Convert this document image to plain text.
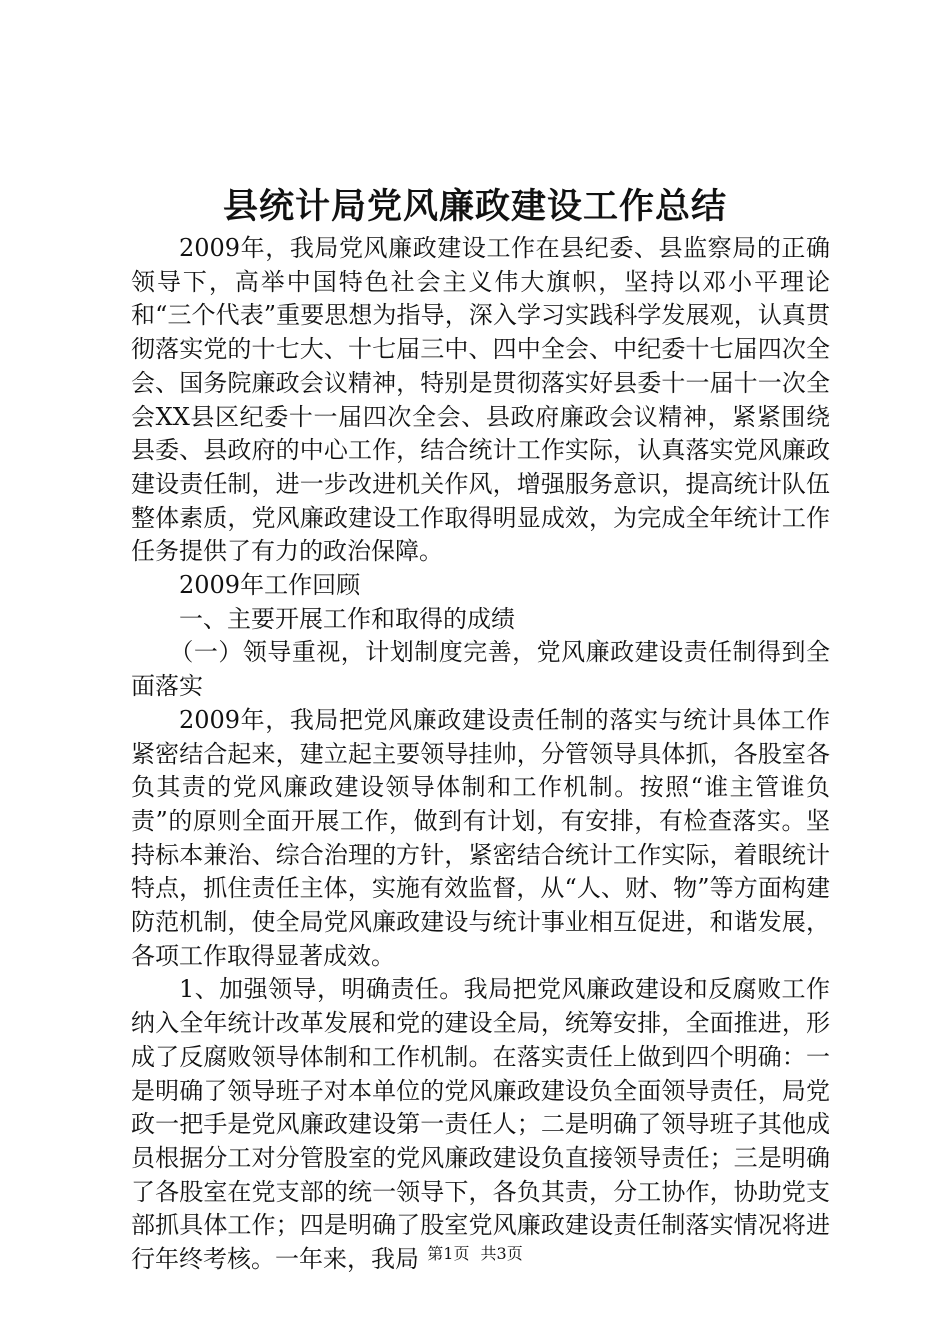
县统计局党风廉政建设工作总结

2009年，我局党风廉政建设工作在县纪委、县监察局的正确领导下，高举中国特色社会主义伟大旗帜，坚持以邓小平理论和“三个代表”重要思想为指导，深入学习实践科学发展观，认真贯彻落实党的十七大、十七届三中、四中全会、中纪委十七届四次全会、国务院廉政会议精神，特别是贯彻落实好县委十一届十一次全会XX县区纪委十一届四次全会、县政府廉政会议精神，紧紧围绕县委、县政府的中心工作，结合统计工作实际，认真落实党风廉政建设责任制，进一步改进机关作风，增强服务意识，提高统计队伍整体素质，党风廉政建设工作取得明显成效，为完成全年统计工作任务提供了有力的政治保障。

2009年工作回顾

一、主要开展工作和取得的成绩

（一）领导重视，计划制度完善，党风廉政建设责任制得到全面落实

2009年，我局把党风廉政建设责任制的落实与统计具体工作紧密结合起来，建立起主要领导挂帅，分管领导具体抓，各股室各负其责的党风廉政建设领导体制和工作机制。按照“谁主管谁负责”的原则全面开展工作，做到有计划，有安排，有检查落实。坚持标本兼治、综合治理的方针，紧密结合统计工作实际，着眼统计特点，抓住责任主体，实施有效监督，从“人、财、物”等方面构建防范机制，使全局党风廉政建设与统计事业相互促进，和谐发展，各项工作取得显著成效。

1、加强领导，明确责任。我局把党风廉政建设和反腐败工作纳入全年统计改革发展和党的建设全局，统筹安排，全面推进，形成了反腐败领导体制和工作机制。在落实责任上做到四个明确：一是明确了领导班子对本单位的党风廉政建设负全面领导责任，局党政一把手是党风廉政建设第一责任人；二是明确了领导班子其他成员根据分工对分管股室的党风廉政建设负直接领导责任；三是明确了各股室在党支部的统一领导下，各负其责，分工协作，协助党支部抓具体工作；四是明确了股室党风廉政建设责任制落实情况将进行年终考核。一年来，我局 第1页 共3页
